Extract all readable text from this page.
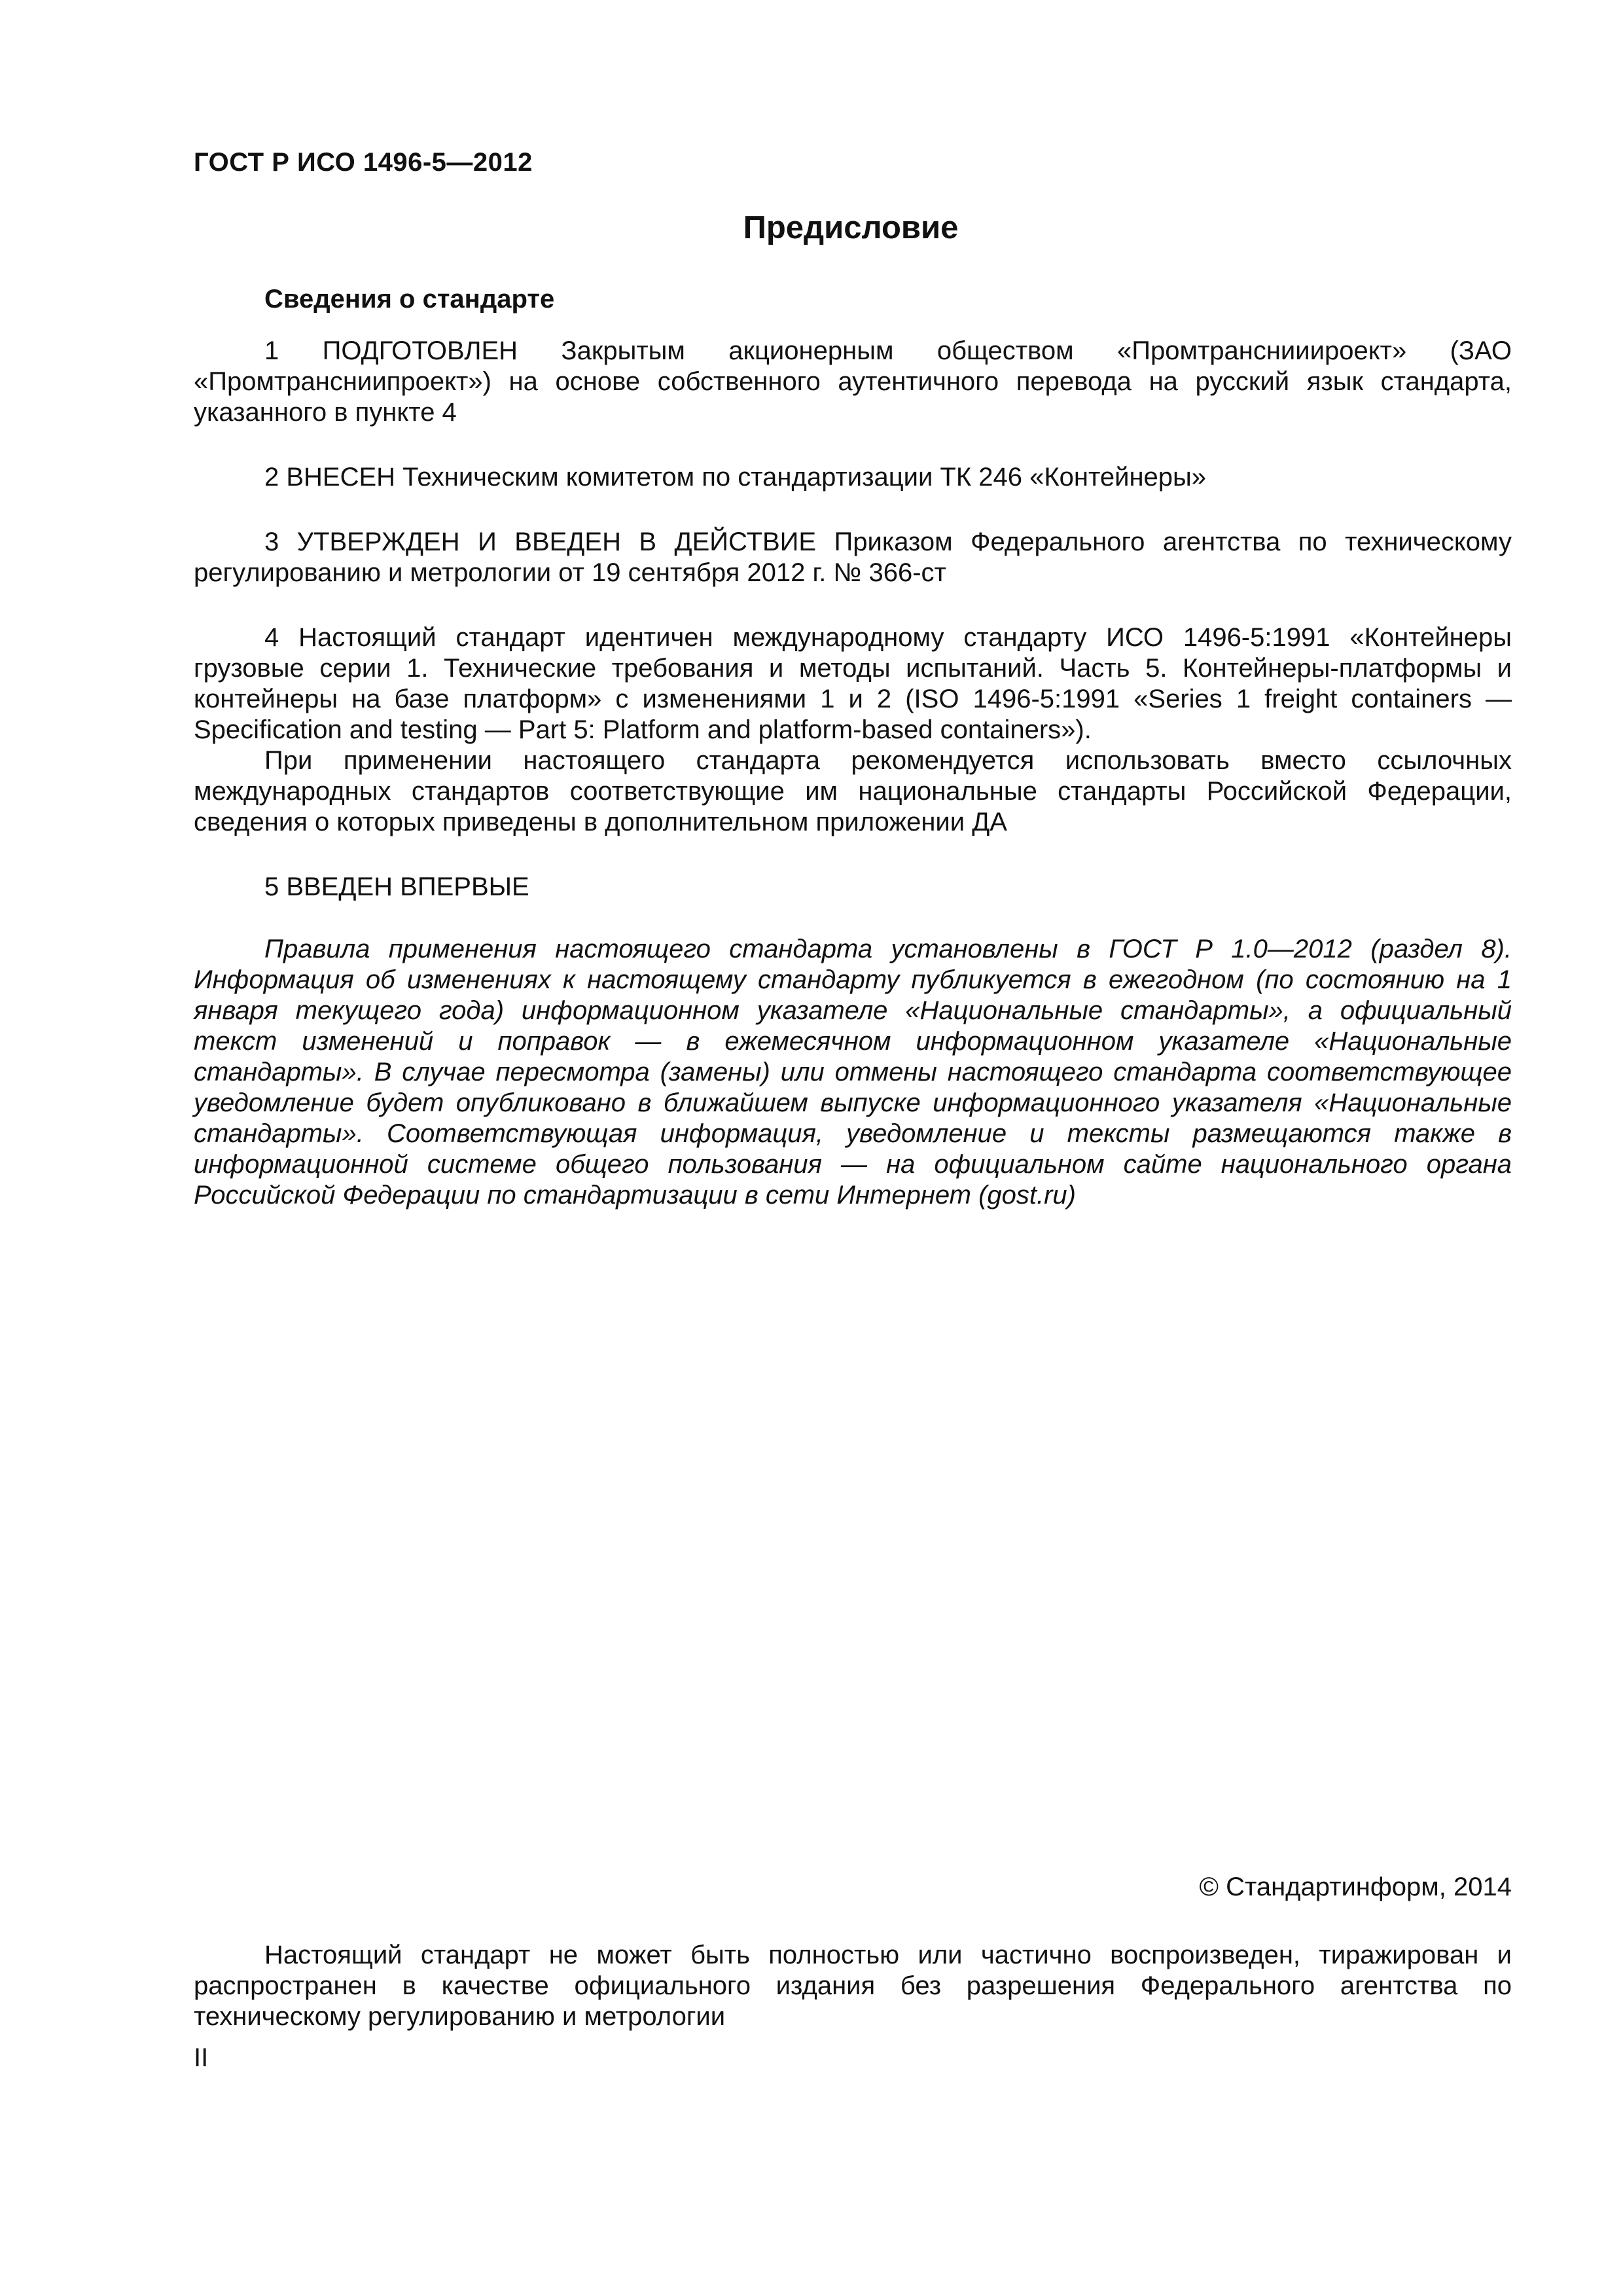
ГОСТ Р ИСО 1496-5—2012
Предисловие

Сведения о стандарте

1 ПОДГОТОВЛЕН Закрытым акционерным обществом «Промтранснииироект» (ЗАО «Промтрансниипроект») на основе собственного аутентичного перевода на русский язык стандарта, указанного в пункте 4

2 ВНЕСЕН Техническим комитетом по стандартизации ТК 246 «Контейнеры»

3 УТВЕРЖДЕН И ВВЕДЕН В ДЕЙСТВИЕ Приказом Федерального агентства по техническому регулированию и метрологии от 19 сентября 2012 г. № 366-ст

4 Настоящий стандарт идентичен международному стандарту ИСО 1496-5:1991 «Контейнеры грузовые серии 1. Технические требования и методы испытаний. Часть 5. Контейнеры-платформы и контейнеры на базе платформ» с изменениями 1 и 2 (ISO 1496-5:1991 «Series 1 freight containers — Specification and testing — Part 5: Platform and platform-based containers»).

При применении настоящего стандарта рекомендуется использовать вместо ссылочных международных стандартов соответствующие им национальные стандарты Российской Федерации, сведения о которых приведены в дополнительном приложении ДА

5 ВВЕДЕН ВПЕРВЫЕ

Правила применения настоящего стандарта установлены в ГОСТ Р 1.0—2012 (раздел 8). Информация об изменениях к настоящему стандарту публикуется в ежегодном (по состоянию на 1 января текущего года) информационном указателе «Национальные стандарты», а официальный текст изменений и поправок — в ежемесячном информационном указателе «Национальные стандарты». В случае пересмотра (замены) или отмены настоящего стандарта соответствующее уведомление будет опубликовано в ближайшем выпуске информационного указателя «Национальные стандарты». Соответствующая информация, уведомление и тексты размещаются также в информационной системе общего пользования — на официальном сайте национального органа Российской Федерации по стандартизации в сети Интернет (gost.ru)

© Стандартинформ, 2014

Настоящий стандарт не может быть полностью или частично воспроизведен, тиражирован и распространен в качестве официального издания без разрешения Федерального агентства по техническому регулированию и метрологии

II
